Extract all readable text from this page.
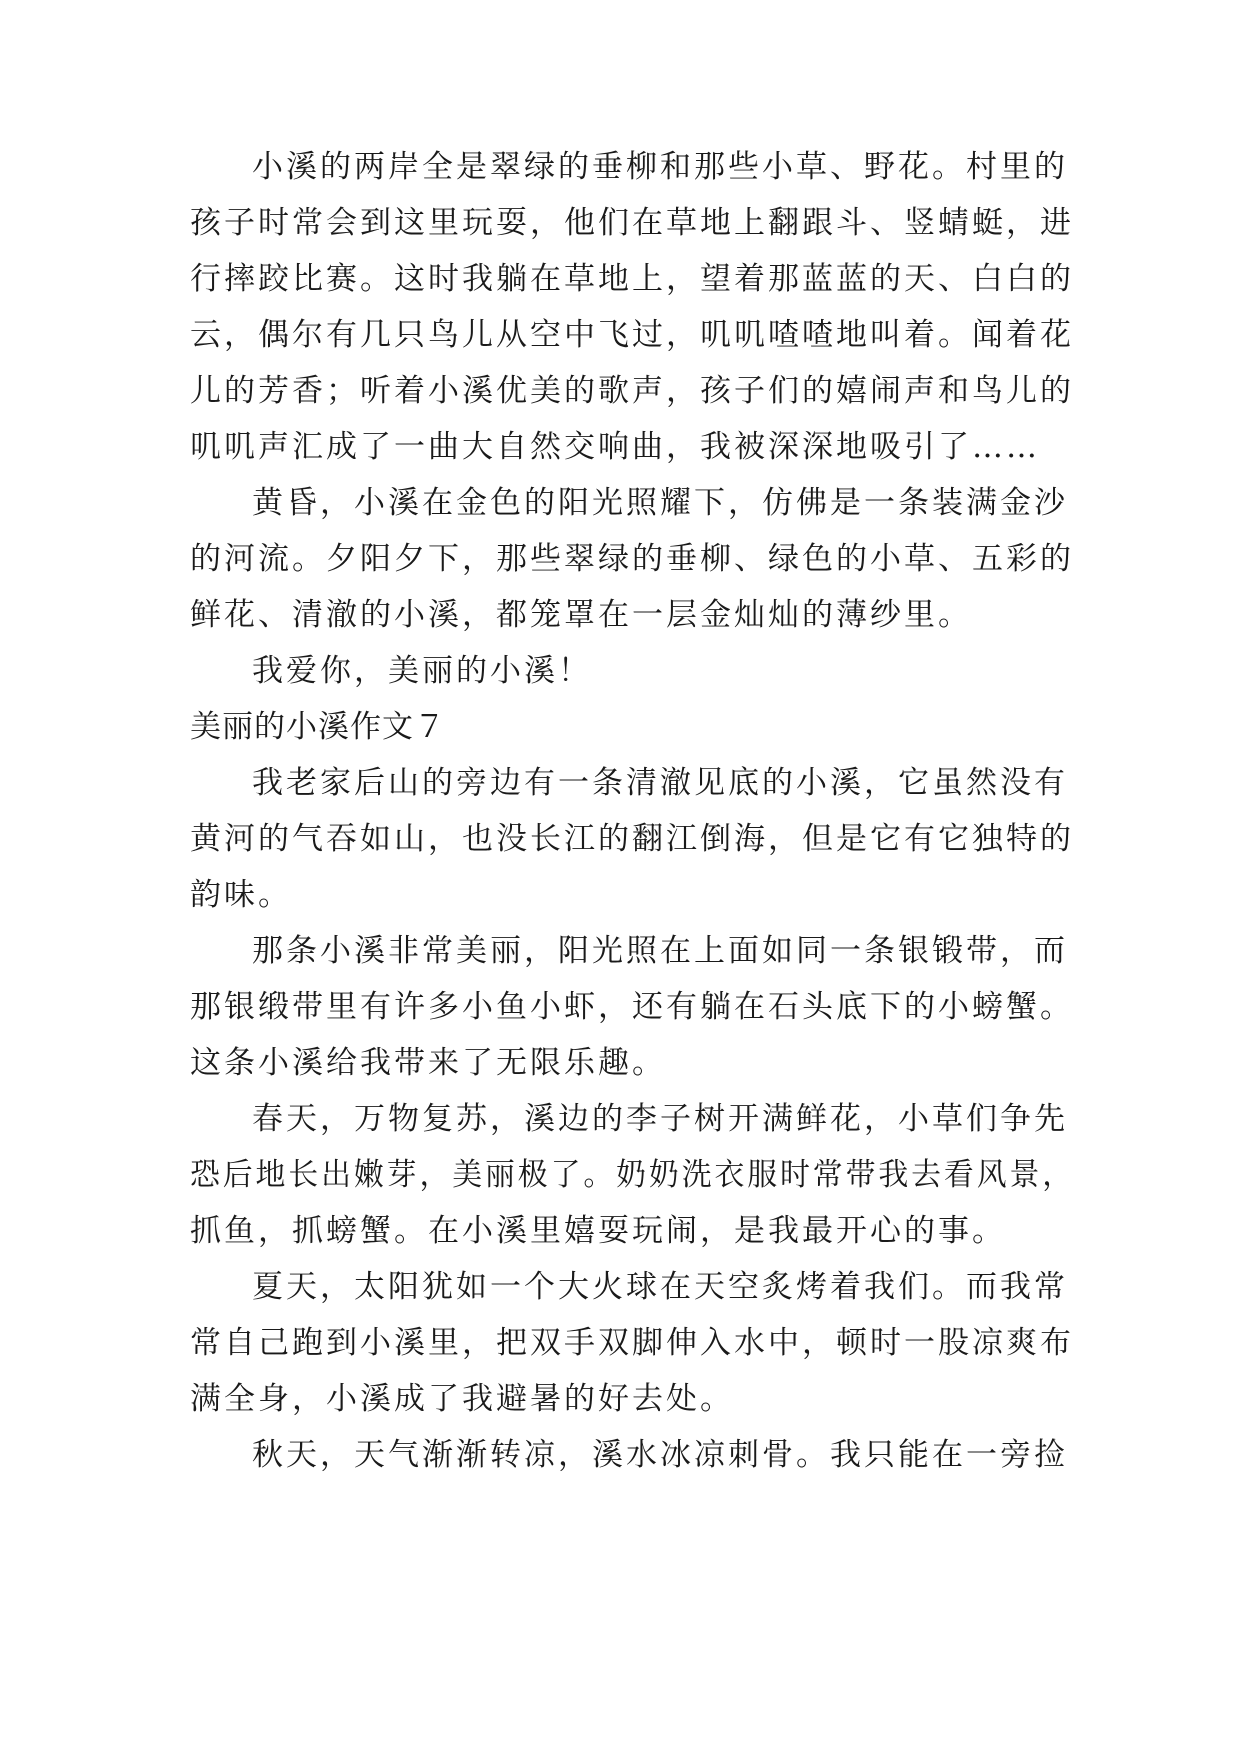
小溪的两岸全是翠绿的垂柳和那些小草、野花。村里的
孩子时常会到这里玩耍，他们在草地上翻跟斗、竖蜻蜓，进
行摔跤比赛。这时我躺在草地上，望着那蓝蓝的天、白白的
云，偶尔有几只鸟儿从空中飞过，叽叽喳喳地叫着。闻着花
儿的芳香；听着小溪优美的歌声，孩子们的嬉闹声和鸟儿的
叽叽声汇成了一曲大自然交响曲，我被深深地吸引了……
黄昏，小溪在金色的阳光照耀下，仿佛是一条装满金沙
的河流。夕阳夕下，那些翠绿的垂柳、绿色的小草、五彩的
鲜花、清澈的小溪，都笼罩在一层金灿灿的薄纱里。
我爱你，美丽的小溪！
美丽的小溪作文７
我老家后山的旁边有一条清澈见底的小溪，它虽然没有
黄河的气吞如山，也没长江的翻江倒海，但是它有它独特的
韵味。
那条小溪非常美丽，阳光照在上面如同一条银锻带，而
那银缎带里有许多小鱼小虾，还有躺在石头底下的小螃蟹。
这条小溪给我带来了无限乐趣。
春天，万物复苏，溪边的李子树开满鲜花，小草们争先
恐后地长出嫩芽，美丽极了。奶奶洗衣服时常带我去看风景，
抓鱼，抓螃蟹。在小溪里嬉耍玩闹，是我最开心的事。
夏天，太阳犹如一个大火球在天空炙烤着我们。而我常
常自己跑到小溪里，把双手双脚伸入水中，顿时一股凉爽布
满全身，小溪成了我避暑的好去处。
秋天，天气渐渐转凉，溪水冰凉刺骨。我只能在一旁捡
